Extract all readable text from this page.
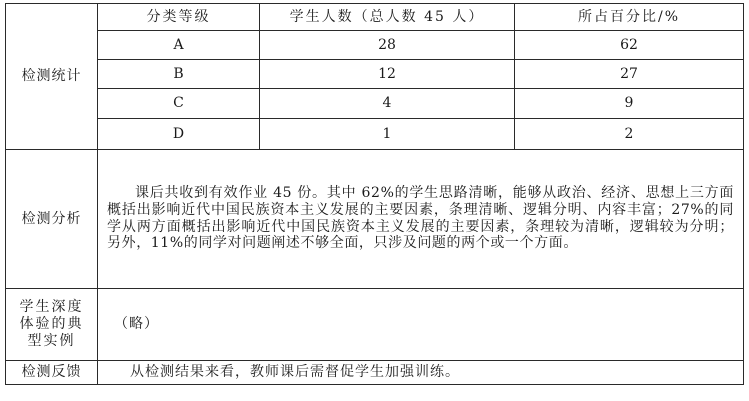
检测统计	分类等级	学生人数（总人数 45 人）	所占百分比/%
	A	28	62
	B	12	27
	C	4	9
	D	1	2
检测分析	课后共收到有效作业 45 份。其中 62%的学生思路清晰，能够从政治、经济、思想上三方面概括出影响近代中国民族资本主义发展的主要因素，条理清晰、逻辑分明、内容丰富；27%的同学从两方面概括出影响近代中国民族资本主义发展的主要因素，条理较为清晰，逻辑较为分明；另外，11%的同学对问题阐述不够全面，只涉及问题的两个或一个方面。		

学生深度体验的典型实例	（略）		
检测反馈	从检测结果来看，教师课后需督促学生加强训练。		
